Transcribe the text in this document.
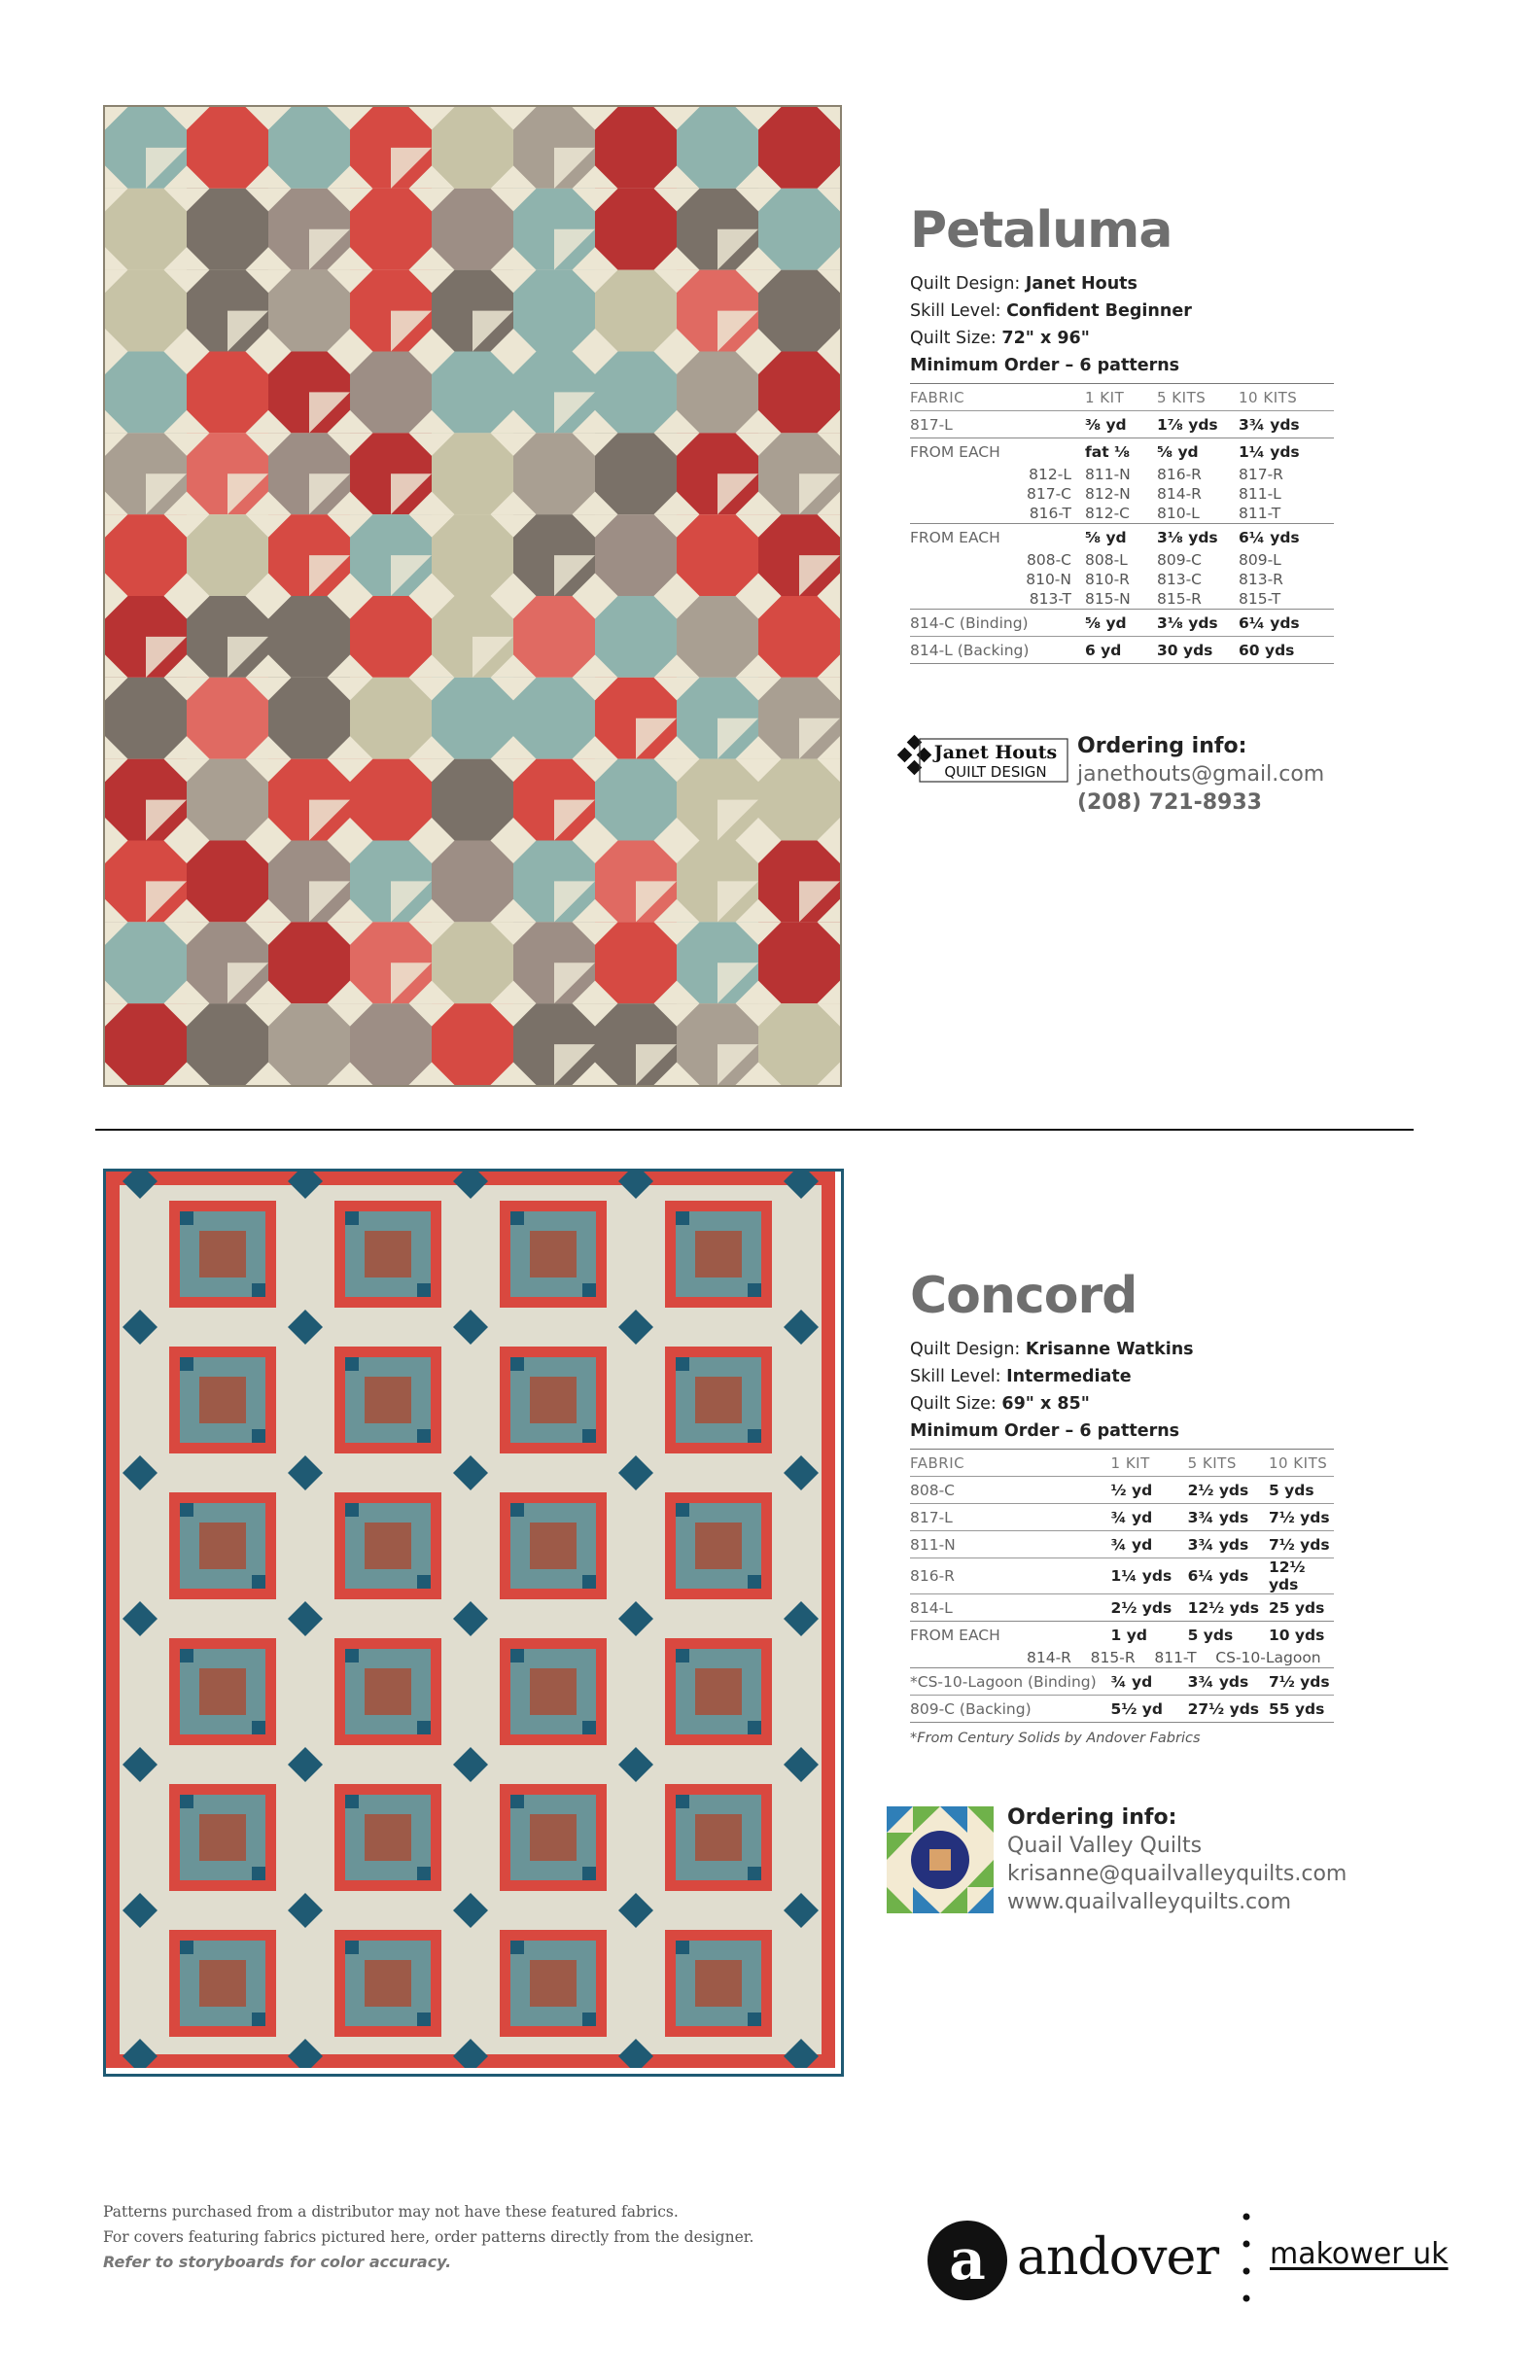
Petaluma
Quilt Design: Janet Houts
Skill Level: Confident Beginner
Quilt Size: 72" x 96"
Minimum Order – 6 patterns
FABRIC	1 KIT	5 KITS	10 KITS
817-L	⅜ yd	1⅞ yds	3¾ yds
FROM EACH	fat ⅛	⅝ yd	1¼ yds
812-L	811-N	816-R	817-R
817-C	812-N	814-R	811-L
816-T	812-C	810-L	811-T
FROM EACH	⅝ yd	3⅛ yds	6¼ yds
808-C	808-L	809-C	809-L
810-N	810-R	813-C	813-R
813-T	815-N	815-R	815-T
814-C (Binding)	⅝ yd	3⅛ yds	6¼ yds
814-L (Backing)	6 yd	30 yds	60 yds
Janet Houts
QUILT DESIGN
Ordering info:
janethouts@gmail.com
(208) 721-8933
Concord
Quilt Design: Krisanne Watkins
Skill Level: Intermediate
Quilt Size: 69" x 85"
Minimum Order – 6 patterns
FABRIC	1 KIT	5 KITS	10 KITS
808-C	½ yd	2½ yds	5 yds
817-L	¾ yd	3¾ yds	7½ yds
811-N	¾ yd	3¾ yds	7½ yds
816-R	1¼ yds	6¼ yds	12½ yds
814-L	2½ yds	12½ yds	25 yds
FROM EACH	1 yd	5 yds	10 yds
814-R 815-R 811-T CS-10-Lagoon			
*CS-10-Lagoon (Binding)	¾ yd	3¾ yds	7½ yds
809-C (Backing)	5½ yd	27½ yds	55 yds
*From Century Solids by Andover Fabrics
Ordering info:
Quail Valley Quilts
krisanne@quailvalleyquilts.com
www.quailvalleyquilts.com
Patterns purchased from a distributor may not have these featured fabrics.
For covers featuring fabrics pictured here, order patterns directly from the designer.
Refer to storyboards for color accuracy.	a andover makower uk
